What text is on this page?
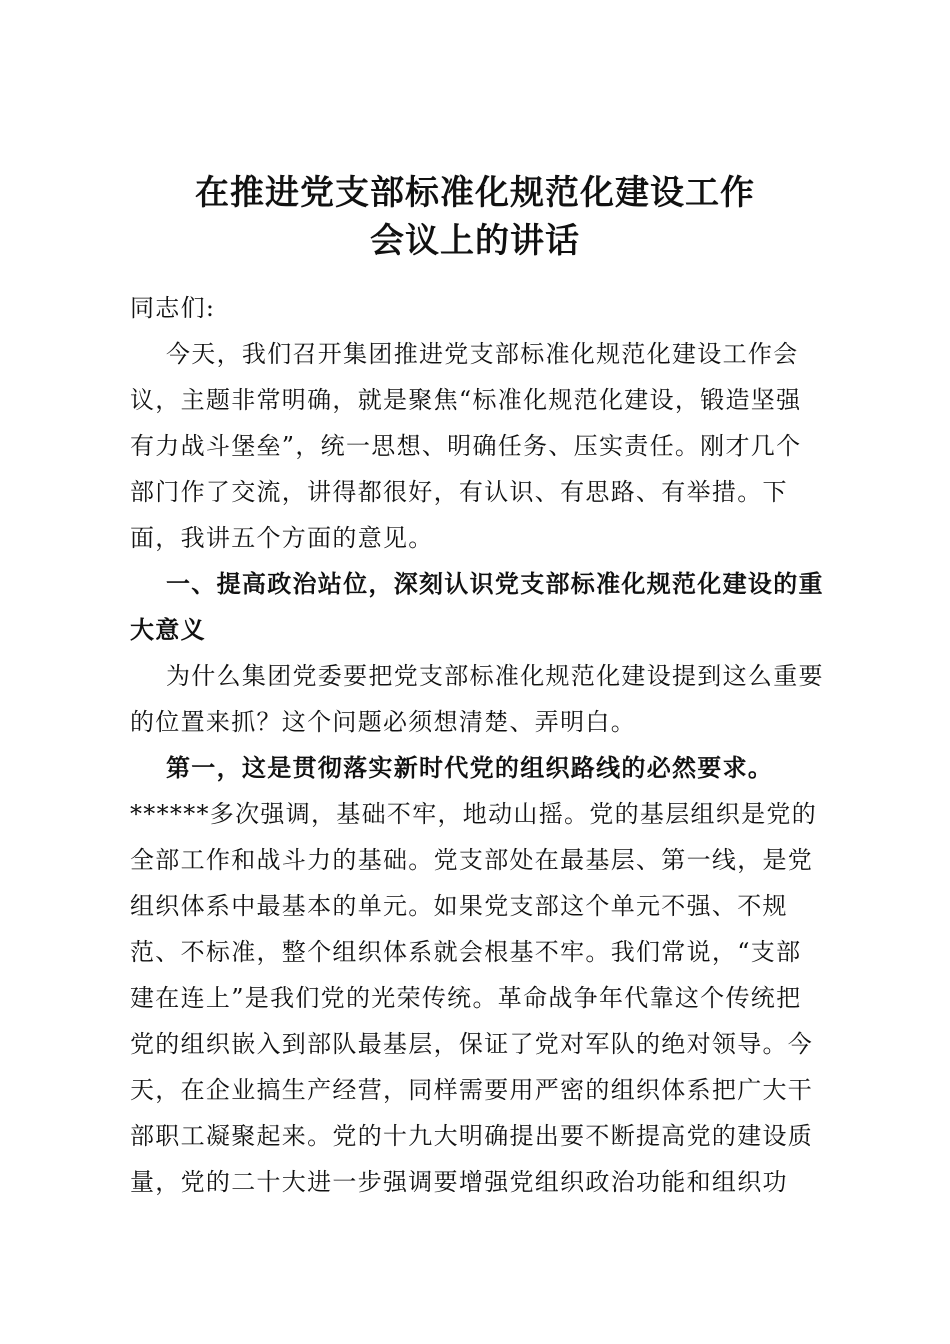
在推进党支部标准化规范化建设工作
会议上的讲话
同志们:
今天，我们召开集团推进党支部标准化规范化建设工作会
议，主题非常明确，就是聚焦“标准化规范化建设，锻造坚强
有力战斗堡垒”，统一思想、明确任务、压实责任。刚才几个
部门作了交流，讲得都很好，有认识、有思路、有举措。下
面，我讲五个方面的意见。
一、提高政治站位，深刻认识党支部标准化规范化建设的重
大意义
为什么集团党委要把党支部标准化规范化建设提到这么重要
的位置来抓？这个问题必须想清楚、弄明白。
第一，这是贯彻落实新时代党的组织路线的必然要求。
******多次强调，基础不牢，地动山摇。党的基层组织是党的
全部工作和战斗力的基础。党支部处在最基层、第一线，是党
组织体系中最基本的单元。如果党支部这个单元不强、不规
范、不标准，整个组织体系就会根基不牢。我们常说，“支部
建在连上”是我们党的光荣传统。革命战争年代靠这个传统把
党的组织嵌入到部队最基层，保证了党对军队的绝对领导。今
天，在企业搞生产经营，同样需要用严密的组织体系把广大干
部职工凝聚起来。党的十九大明确提出要不断提高党的建设质
量，党的二十大进一步强调要增强党组织政治功能和组织功
